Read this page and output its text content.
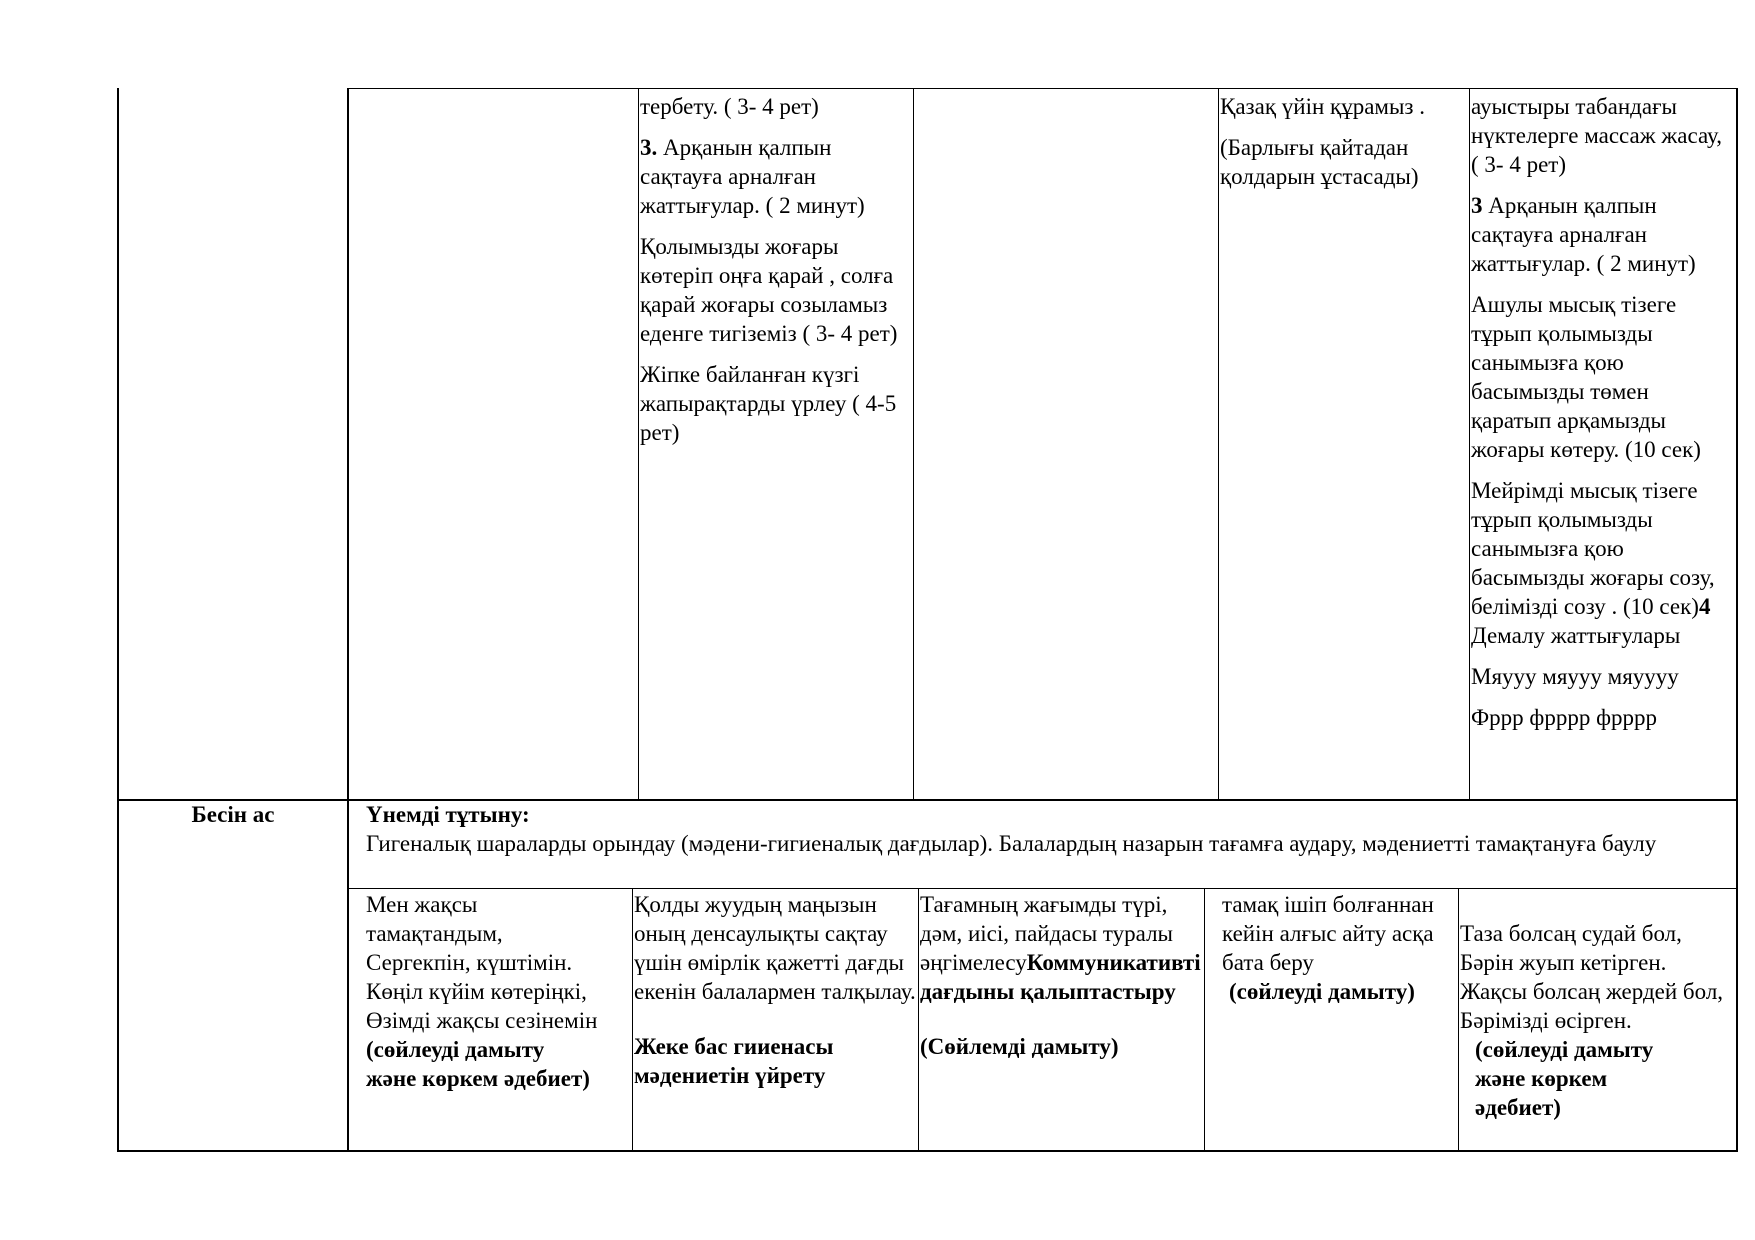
тербету. ( 3- 4 рет)

3. Арқанын қалпын сақтауға арналған жаттығулар. ( 2 минут)

Қолымызды жоғары көтеріп оңға қарай , солға қарай жоғары созыламыз еденге тигіземіз ( 3- 4 рет)

Жіпке байланған күзгі жапырақтарды үрлеу ( 4-5 рет)

Қазақ үйін құрамыз .

(Барлығы қайтадан қолдарын ұстасады)

ауыстыры табандағы нүктелерге массаж жасау, ( 3- 4 рет)

3 Арқанын қалпын сақтауға арналған жаттығулар. ( 2 минут)

Ашулы мысық тізеге тұрып қолымызды санымызға қою басымызды төмен қаратып арқамызды жоғары көтеру. (10 сек)

Мейрімді мысық тізеге тұрып қолымызды санымызға қою басымызды жоғары созу, белімізді созу . (10 сек)4 Демалу жаттығулары

Мяууу мяууу мяуууу

Фррр фрррр фрррр

Бесін ас	Үнемді тұтыну:
Гигеналық шараларды орындау (мәдени-гигиеналық дағдылар). Балалардың назарын тағамға аудару, мәдениетті тамақтануға баулу
Мен жақсы
тамақтандым,
Сергекпін, күштімін.
Көңіл күйім көтеріңкі,
Өзімді жақсы сезінемін
(сөйлеуді дамыту
және көркем әдебиет)
Қолды жуудың маңызын оның денсаулықты сақтау үшін өмірлік қажетті дағды екенін балалармен талқылау.
Жеке бас гииенасы мәдениетін үйрету
Тағамның жағымды түрі, дәм, иісі, пайдасы туралы әңгімелесуКоммуникативті дағдыны қалыптастыру
(Сөйлемді дамыту)
тамақ ішіп болғаннан кейін алғыс айту асқа бата беру
(сөйлеуді дамыту)
Таза болсаң судай бол,
Бәрін жуып кетірген.
Жақсы болсаң жердей бол,
Бәрімізді өсірген.
(сөйлеуді дамыту және көркем әдебиет)
